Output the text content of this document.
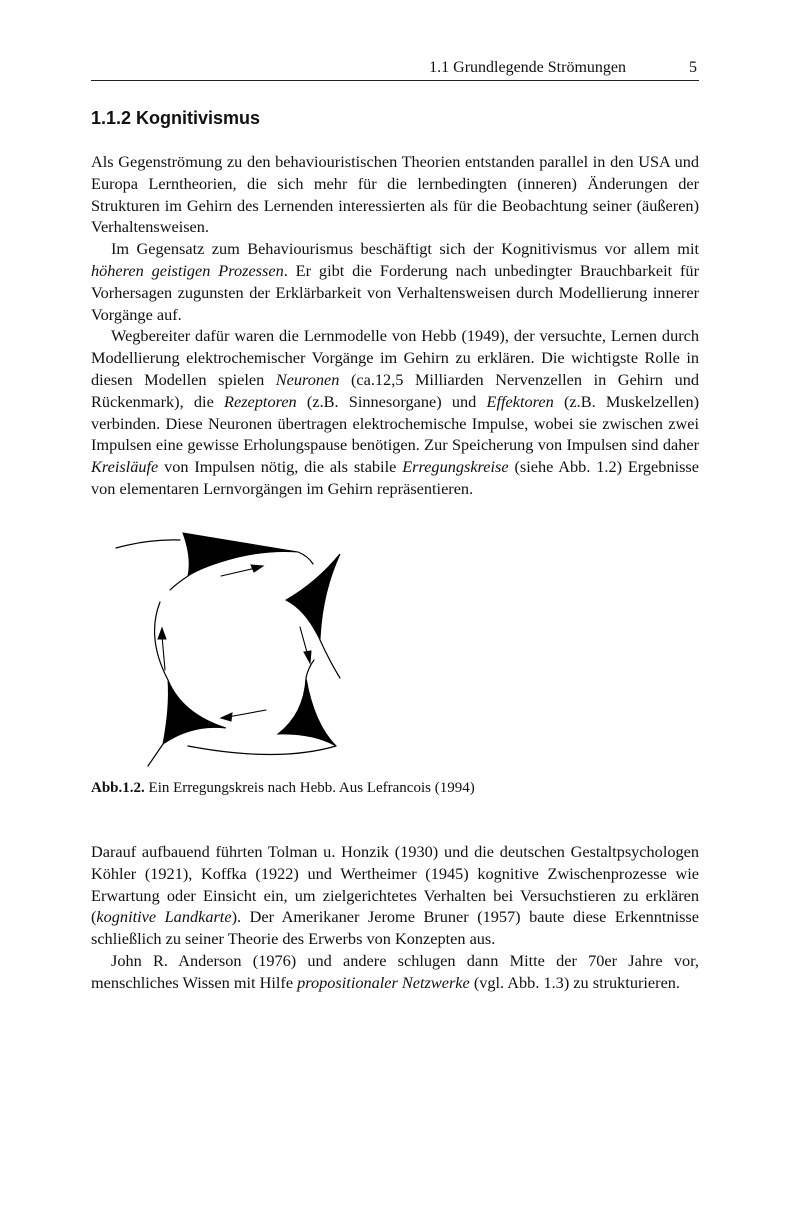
1.1 Grundlegende Strömungen	5
1.1.2 Kognitivismus

Als Gegenströmung zu den behaviouristischen Theorien entstanden parallel in den USA und Europa Lerntheorien, die sich mehr für die lernbedingten (inneren) Änderungen der Strukturen im Gehirn des Lernenden interessierten als für die Beobachtung seiner (äußeren) Verhaltensweisen.

Im Gegensatz zum Behaviourismus beschäftigt sich der Kognitivismus vor allem mit höheren geistigen Prozessen. Er gibt die Forderung nach unbedingter Brauchbarkeit für Vorhersagen zugunsten der Erklärbarkeit von Verhaltensweisen durch Modellierung innerer Vorgänge auf.

Wegbereiter dafür waren die Lernmodelle von Hebb (1949), der versuchte, Lernen durch Modellierung elektrochemischer Vorgänge im Gehirn zu erklären. Die wichtigste Rolle in diesen Modellen spielen Neuronen (ca.12,5 Milliarden Nervenzellen in Gehirn und Rückenmark), die Rezeptoren (z.B. Sinnesorgane) und Effektoren (z.B. Muskelzellen) verbinden. Diese Neuronen übertragen elektrochemische Impulse, wobei sie zwischen zwei Impulsen eine gewisse Erholungspause benötigen. Zur Speicherung von Impulsen sind daher Kreisläufe von Impulsen nötig, die als stabile Erregungskreise (siehe Abb. 1.2) Ergebnisse von elementaren Lernvorgängen im Gehirn repräsentieren.

Abb.1.2. Ein Erregungskreis nach Hebb. Aus Lefrancois (1994)

Darauf aufbauend führten Tolman u. Honzik (1930) und die deutschen Gestaltpsychologen Köhler (1921), Koffka (1922) und Wertheimer (1945) kognitive Zwischenprozesse wie Erwartung oder Einsicht ein, um zielgerichtetes Verhalten bei Versuchstieren zu erklären (kognitive Landkarte). Der Amerikaner Jerome Bruner (1957) baute diese Erkenntnisse schließlich zu seiner Theorie des Erwerbs von Konzepten aus.

John R. Anderson (1976) und andere schlugen dann Mitte der 70er Jahre vor, menschliches Wissen mit Hilfe propositionaler Netzwerke (vgl. Abb. 1.3) zu strukturieren.
